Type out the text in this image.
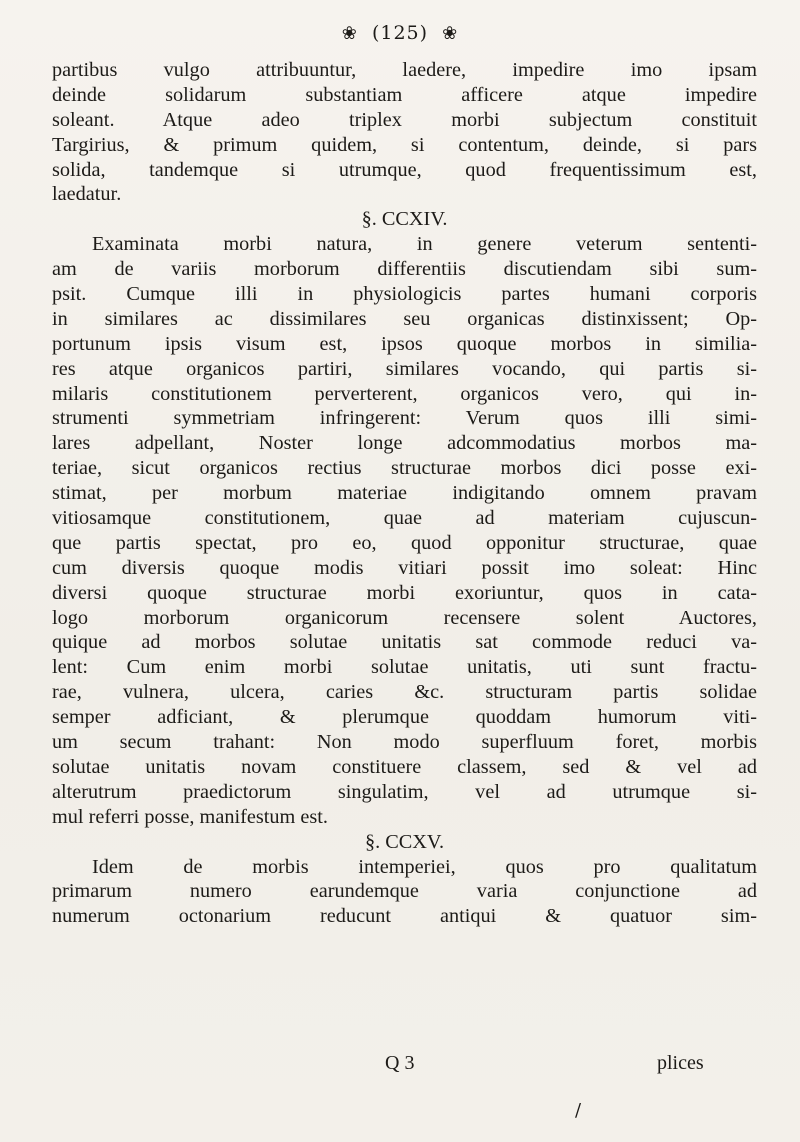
❀ (125) ❀
partibus vulgo attribuuntur, laedere, impedire imo ipsam
deinde solidarum substantiam afficere atque impedire
soleant. Atque adeo triplex morbi subjectum constituit
Targirius, & primum quidem, si contentum, deinde, si pars
solida, tandemque si utrumque, quod frequentissimum est,
laedatur.
§. CCXIV.
Examinata morbi natura, in genere veterum sententi-
am de variis morborum differentiis discutiendam sibi sum-
psit. Cumque illi in physiologicis partes humani corporis
in similares ac dissimilares seu organicas distinxissent; Op-
portunum ipsis visum est, ipsos quoque morbos in similia-
res atque organicos partiri, similares vocando, qui partis si-
milaris constitutionem perverterent, organicos vero, qui in-
strumenti symmetriam infringerent: Verum quos illi simi-
lares adpellant, Noster longe adcommodatius morbos ma-
teriae, sicut organicos rectius structurae morbos dici posse exi-
stimat, per morbum materiae indigitando omnem pravam
vitiosamque constitutionem, quae ad materiam cujuscun-
que partis spectat, pro eo, quod opponitur structurae, quae
cum diversis quoque modis vitiari possit imo soleat: Hinc
diversi quoque structurae morbi exoriuntur, quos in cata-
logo morborum organicorum recensere solent Auctores,
quique ad morbos solutae unitatis sat commode reduci va-
lent: Cum enim morbi solutae unitatis, uti sunt fractu-
rae, vulnera, ulcera, caries &c. structuram partis solidae
semper adficiant, & plerumque quoddam humorum viti-
um secum trahant: Non modo superfluum foret, morbis
solutae unitatis novam constituere classem, sed & vel ad
alterutrum praedictorum singulatim, vel ad utrumque si-
mul referri posse, manifestum est.
§. CCXV.
Idem de morbis intemperiei, quos pro qualitatum
primarum numero earundemque varia conjunctione ad
numerum octonarium reducunt antiqui & quatuor sim-
Q 3	plices
/
